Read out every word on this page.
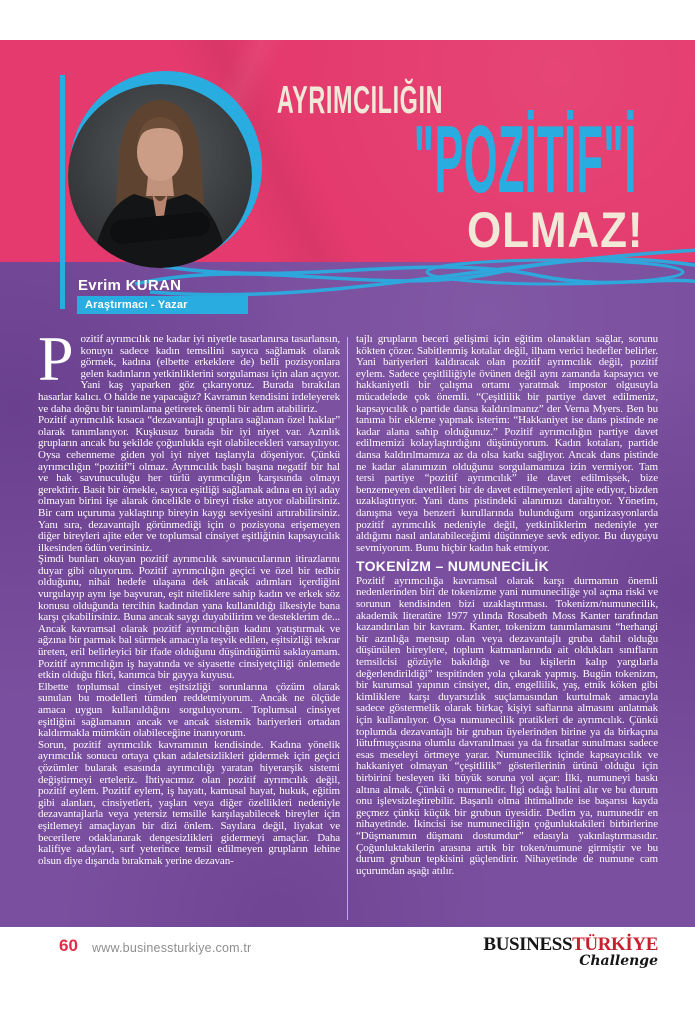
AYRIMCILIĞIN
"POZİTİF"İ
OLMAZ!
Evrim KURAN
Araştırmacı - Yazar

Pozitif ayrımcılık ne kadar iyi niyetle tasarlanırsa tasarlansın, konuyu sadece kadın temsilini sayıca sağlamak olarak görmek, kadına (elbette erkeklere de) belli pozisyonlara gelen kadınların yetkinliklerini sorgulaması için alan açıyor. Yani kaş yaparken göz çıkarıyoruz. Burada bırakılan hasarlar kalıcı. O halde ne yapacağız? Kavramın kendisini irdeleyerek ve daha doğru bir tanımlama getirerek önemli bir adım atabiliriz.

Pozitif ayrımcılık kısaca “dezavantajlı gruplara sağlanan özel haklar” olarak tanımlanıyor. Kuşkusuz burada bir iyi niyet var. Azınlık grupların ancak bu şekilde çoğunlukla eşit olabilecekleri varsayılıyor. Oysa cehenneme giden yol iyi niyet taşlarıyla döşeniyor. Çünkü ayrımcılığın “pozitif”i olmaz. Ayrımcılık başlı başına negatif bir hal ve hak savunuculuğu her türlü ayrımcılığın karşısında olmayı gerektirir. Basit bir örnekle, sayıca eşitliği sağlamak adına en iyi aday olmayan birini işe alarak öncelikle o bireyi riske atıyor olabilirsiniz. Bir cam uçuruma yaklaştırıp bireyin kaygı seviyesini artırabilirsiniz. Yanı sıra, dezavantajlı görünmediği için o pozisyona erişemeyen diğer bireyleri ajite eder ve toplumsal cinsiyet eşitliğinin kapsayıcılık ilkesinden ödün verirsiniz.

Şimdi bunları okuyan pozitif ayrımcılık savunucularının itirazlarını duyar gibi oluyorum. Pozitif ayrımcılığın geçici ve özel bir tedbir olduğunu, nihai hedefe ulaşana dek atılacak adımları içerdiğini vurgulayıp aynı işe başvuran, eşit niteliklere sahip kadın ve erkek söz konusu olduğunda tercihin kadından yana kullanıldığı ilkesiyle bana karşı çıkabilirsiniz. Buna ancak saygı duyabilirim ve desteklerim de... Ancak kavramsal olarak pozitif ayrımcılığın kadını yatıştırmak ve ağzına bir parmak bal sürmek amacıyla teşvik edilen, eşitsizliği tekrar üreten, eril belirleyici bir ifade olduğunu düşündüğümü saklayamam. Pozitif ayrımcılığın iş hayatında ve siyasette cinsiyetçiliği önlemede etkin olduğu fikri, kanımca bir gayya kuyusu.

Elbette toplumsal cinsiyet eşitsizliği sorunlarına çözüm olarak sunulan bu modelleri tümden reddetmiyorum. Ancak ne ölçüde amaca uygun kullanıldığını sorguluyorum. Toplumsal cinsiyet eşitliğini sağlamanın ancak ve ancak sistemik bariyerleri ortadan kaldırmakla mümkün olabileceğine inanıyorum.

Sorun, pozitif ayrımcılık kavramının kendisinde. Kadına yönelik ayrımcılık sonucu ortaya çıkan adaletsizlikleri gidermek için geçici çözümler bularak esasında ayrımcılığı yaratan hiyerarşik sistemi değiştirmeyi erteleriz. İhtiyacımız olan pozitif ayrımcılık değil, pozitif eylem. Pozitif eylem, iş hayatı, kamusal hayat, hukuk, eğitim gibi alanları, cinsiyetleri, yaşları veya diğer özellikleri nedeniyle dezavantajlarla veya yetersiz temsille karşılaşabilecek bireyler için eşitlemeyi amaçlayan bir dizi önlem. Sayılara değil, liyakat ve becerilere odaklanarak dengesizlikleri gidermeyi amaçlar. Daha kalifiye adayları, sırf yeterince temsil edilmeyen grupların lehine olsun diye dışarıda bırakmak yerine dezavan-

tajlı grupların beceri gelişimi için eğitim olanakları sağlar, sorunu kökten çözer. Sabitlenmiş kotalar değil, ilham verici hedefler belirler. Yani bariyerleri kaldıracak olan pozitif ayrımcılık değil, pozitif eylem. Sadece çeşitliliğiyle övünen değil aynı zamanda kapsayıcı ve hakkaniyetli bir çalışma ortamı yaratmak impostor olgusuyla mücadelede çok önemli. “Çeşitlilik bir partiye davet edilmeniz, kapsayıcılık o partide dansa kaldırılmanız” der Verna Myers. Ben bu tanıma bir ekleme yapmak isterim: “Hakkaniyet ise dans pistinde ne kadar alana sahip olduğunuz.” Pozitif ayrımcılığın partiye davet edilmemizi kolaylaştırdığını düşünüyorum. Kadın kotaları, partide dansa kaldırılmamıza az da olsa katkı sağlıyor. Ancak dans pistinde ne kadar alanımızın olduğunu sorgulamamıza izin vermiyor. Tam tersi partiye “pozitif ayrımcılık” ile davet edilmişsek, bize benzemeyen davetlileri bir de davet edilmeyenleri ajite ediyor, bizden uzaklaştırıyor. Yani dans pistindeki alanımızı daraltıyor. Yönetim, danışma veya benzeri kurullarında bulunduğum organizasyonlarda pozitif ayrımcılık nedeniyle değil, yetkinliklerim nedeniyle yer aldığımı nasıl anlatabileceğimi düşünmeye sevk ediyor. Bu duyguyu sevmiyorum. Bunu hiçbir kadın hak etmiyor.

TOKENİZM – NUMUNECİLİK

Pozitif ayrımcılığa kavramsal olarak karşı durmamın önemli nedenlerinden biri de tokenizme yani numuneciliğe yol açma riski ve sorunun kendisinden bizi uzaklaştırması. Tokenizm/numunecilik, akademik literatüre 1977 yılında Rosabeth Moss Kanter tarafından kazandırılan bir kavram. Kanter, tokenizm tanımlamasını “herhangi bir azınlığa mensup olan veya dezavantajlı gruba dahil olduğu düşünülen bireylere, toplum katmanlarında ait oldukları sınıfların temsilcisi gözüyle bakıldığı ve bu kişilerin kalıp yargılarla değerlendirildiği” tespitinden yola çıkarak yapmış. Bugün tokenizm, bir kurumsal yapının cinsiyet, din, engellilik, yaş, etnik köken gibi kimliklere karşı duyarsızlık suçlamasından kurtulmak amacıyla sadece göstermelik olarak birkaç kişiyi saflarına almasını anlatmak için kullanılıyor. Oysa numunecilik pratikleri de ayrımcılık. Çünkü toplumda dezavantajlı bir grubun üyelerinden birine ya da birkaçına lütufmuşçasına olumlu davranılması ya da fırsatlar sunulması sadece esas meseleyi örtmeye yarar. Numunecilik içinde kapsayıcılık ve hakkaniyet olmayan “çeşitlilik” gösterilerinin ürünü olduğu için birbirini besleyen iki büyük soruna yol açar: İlki, numuneyi baskı altına almak. Çünkü o numunedir. İlgi odağı halini alır ve bu durum onu işlevsizleştirebilir. Başarılı olma ihtimalinde ise başarısı kayda geçmez çünkü küçük bir grubun üyesidir. Dedim ya, numunedir en nihayetinde. İkincisi ise numuneciliğin çoğunluktakileri birbirlerine “Düşmanımın düşmanı dostumdur” edasıyla yakınlaştırmasıdır. Çoğunluktakilerin arasına artık bir token/numune girmiştir ve bu durum grubun tepkisini güçlendirir. Nihayetinde de numune cam uçurumdan aşağı atılır.

60 www.businessturkiye.com.tr	BUSINESSTÜRKİYE
Challenge
